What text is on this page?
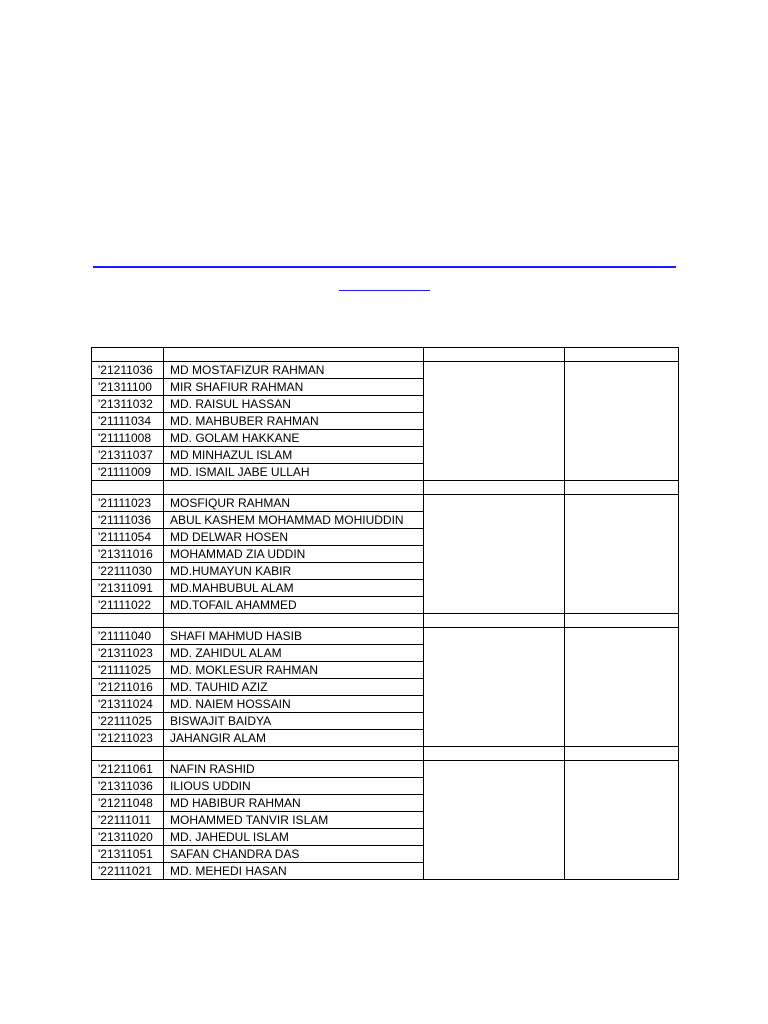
'21211036	MD MOSTAFIZUR RAHMAN		
'21311100	MIR SHAFIUR RAHMAN		
'21311032	MD. RAISUL HASSAN		
'21111034	MD. MAHBUBER RAHMAN		
'21111008	MD. GOLAM HAKKANE		
'21311037	MD MINHAZUL ISLAM		
'21111009	MD. ISMAIL JABE ULLAH		

'21111023	MOSFIQUR RAHMAN		
'21111036	ABUL KASHEM MOHAMMAD MOHIUDDIN		
'21111054	MD DELWAR HOSEN		
'21311016	MOHAMMAD ZIA UDDIN		
'22111030	MD.HUMAYUN KABIR		
'21311091	MD.MAHBUBUL ALAM		
'21111022	MD.TOFAIL AHAMMED		

'21111040	SHAFI MAHMUD HASIB		
'21311023	MD. ZAHIDUL ALAM		
'21111025	MD. MOKLESUR RAHMAN		
'21211016	MD. TAUHID AZIZ		
'21311024	MD. NAIEM HOSSAIN		
'22111025	BISWAJIT BAIDYA		
'21211023	JAHANGIR ALAM		

'21211061	NAFIN RASHID		
'21311036	ILIOUS UDDIN		
'21211048	MD HABIBUR RAHMAN		
'22111011	MOHAMMED TANVIR ISLAM		
'21311020	MD. JAHEDUL ISLAM		
'21311051	SAFAN CHANDRA DAS		
'22111021	MD. MEHEDI HASAN		
